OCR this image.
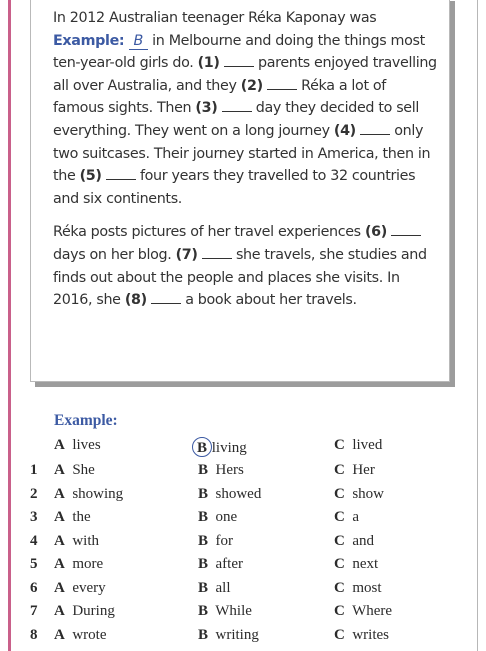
In 2012 Australian teenager Réka Kaponay was Example: B in Melbourne and doing the things most ten-year-old girls do. (1)  parents enjoyed travelling all over Australia, and they (2)	Réka a lot of famous sights. Then (3)  day they decided to sell everything. They went on a long journey (4)  only two suitcases. Their journey started in America, then in the (5)  four years they travelled to 32 countries and six continents.

Réka posts pictures of her travel experiences (6)  days on her blog. (7)  she travels, she studies and finds out about the people and places she visits. In 2016, she (8)  a book about her travels.

Example:
A lives	B living	C lived
1 A She	B Hers	C Her
2 A showing	B showed	C show
3 A the	B one	C a
4 A with	B for	C and
5 A more	B after	C next
6 A every	B all	C most
7 A During	B While	C Where
8 A wrote	B writing	C writes
